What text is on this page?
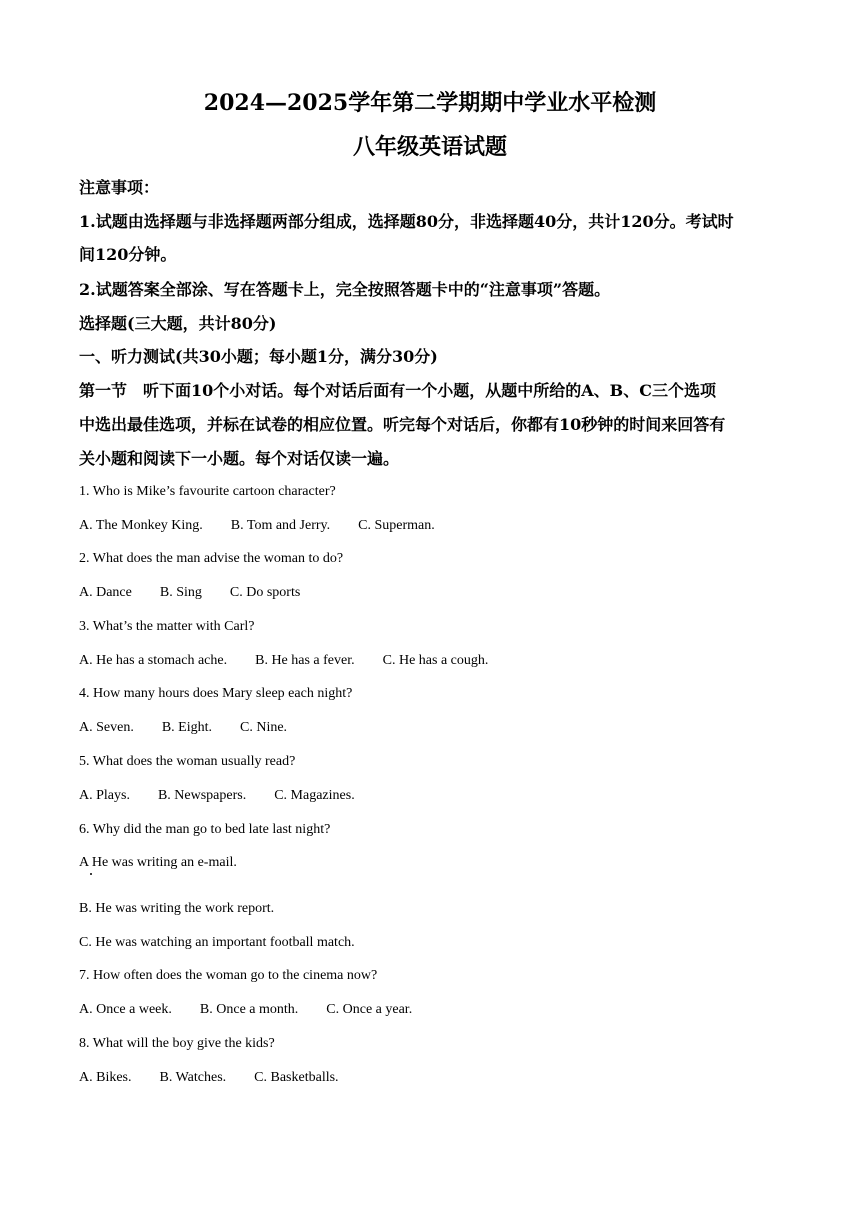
2024—2025学年第二学期期中学业水平检测
八年级英语试题
注意事项：
1.试题由选择题与非选择题两部分组成，选择题80分，非选择题40分，共计120分。考试时
间120分钟。
2.试题答案全部涂、写在答题卡上，完全按照答题卡中的“注意事项”答题。
选择题(三大题，共计80分)
一、听力测试(共30小题；每小题1分，满分30分)
第一节　听下面10个小对话。每个对话后面有一个小题，从题中所给的A、B、C三个选项
中选出最佳选项，并标在试卷的相应位置。听完每个对话后，你都有10秒钟的时间来回答有
关小题和阅读下一小题。每个对话仅读一遍。
1. Who is Mike’s favourite cartoon character?
A. The Monkey King. B. Tom and Jerry. C. Superman.
2. What does the man advise the woman to do?
A. Dance B. Sing C. Do sports
3. What’s the matter with Carl?
A. He has a stomach ache. B. He has a fever. C. He has a cough.
4. How many hours does Mary sleep each night?
A. Seven. B. Eight. C. Nine.
5. What does the woman usually read?
A. Plays. B. Newspapers. C. Magazines.
6. Why did the man go to bed late last night?
A He was writing an e-mail.
B. He was writing the work report.
C. He was watching an important football match.
7. How often does the woman go to the cinema now?
A. Once a week. B. Once a month. C. Once a year.
8. What will the boy give the kids?
A. Bikes. B. Watches. C. Basketballs.
